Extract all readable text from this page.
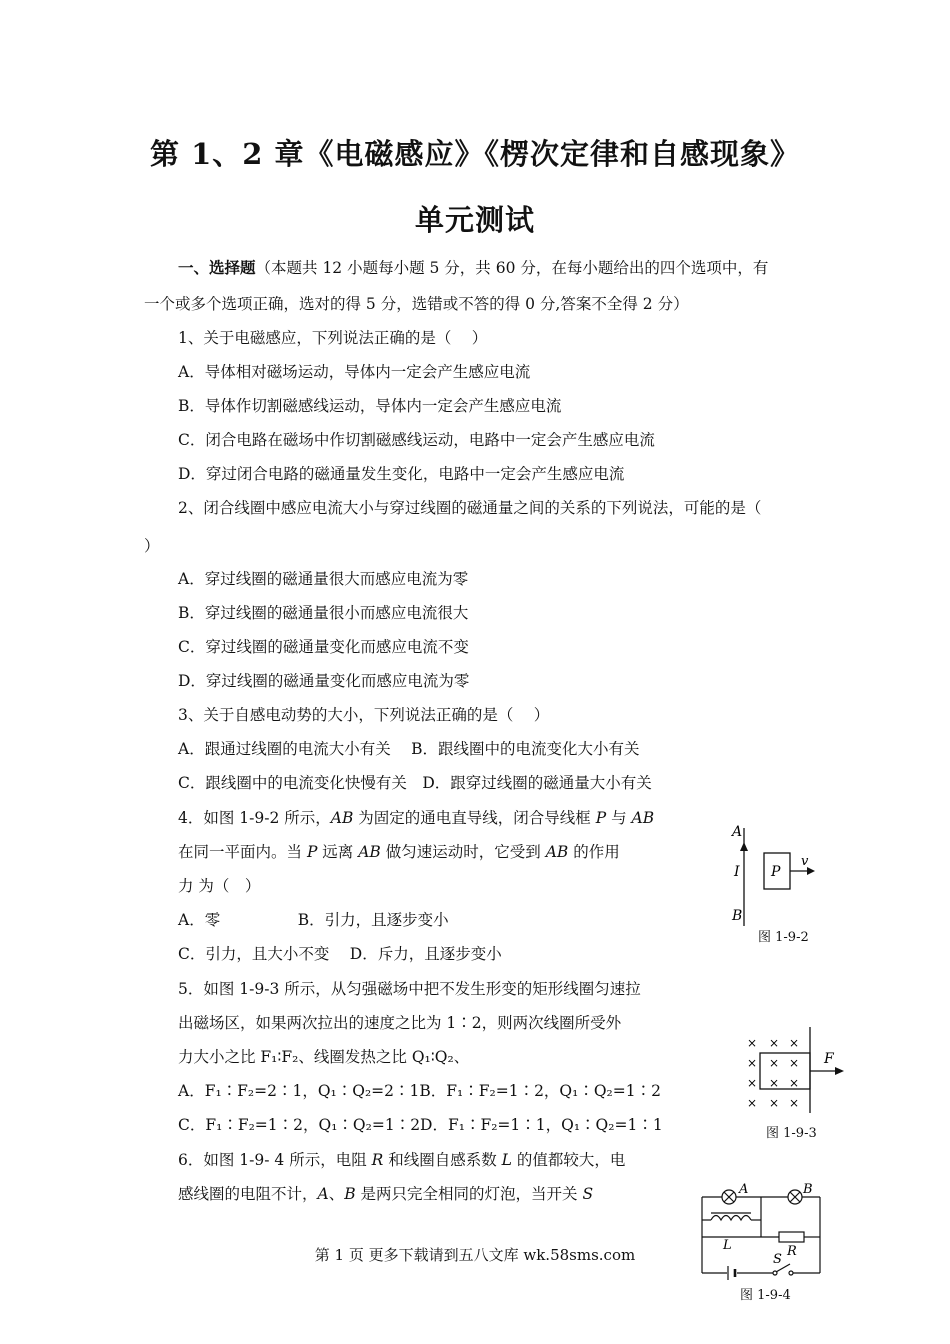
第 1、2 章《电磁感应》《楞次定律和自感现象》
单元测试
一、选择题（本题共 12 小题每小题 5 分，共 60 分，在每小题给出的四个选项中，有
一个或多个选项正确，选对的得 5 分，选错或不答的得 0 分,答案不全得 2 分）
1、关于电磁感应，下列说法正确的是（　 ）
A．导体相对磁场运动，导体内一定会产生感应电流
B．导体作切割磁感线运动，导体内一定会产生感应电流
C．闭合电路在磁场中作切割磁感线运动，电路中一定会产生感应电流
D．穿过闭合电路的磁通量发生变化，电路中一定会产生感应电流
2、闭合线圈中感应电流大小与穿过线圈的磁通量之间的关系的下列说法，可能的是（
）
A．穿过线圈的磁通量很大而感应电流为零
B．穿过线圈的磁通量很小而感应电流很大
C．穿过线圈的磁通量变化而感应电流不变
D．穿过线圈的磁通量变化而感应电流为零
3、关于自感电动势的大小，下列说法正确的是（　 ）
A．跟通过线圈的电流大小有关　 B．跟线圈中的电流变化大小有关
C．跟线圈中的电流变化快慢有关　D．跟穿过线圈的磁通量大小有关
4．如图 1-9-2 所示，AB 为固定的通电直导线，闭合导线框 P 与 AB
在同一平面内。当 P 远离 AB 做匀速运动时，它受到 AB 的作用
力 为（　）
A．零　　　　　B．引力，且逐步变小
C．引力，且大小不变　 D．斥力，且逐步变小
5．如图 1-9-3 所示，从匀强磁场中把不发生形变的矩形线圈匀速拉
出磁场区，如果两次拉出的速度之比为 1∶2，则两次线圈所受外
力大小之比 F₁∶F₂、线圈发热之比 Q₁∶Q₂、
A．F₁∶F₂=2∶1，Q₁∶Q₂=2∶1B．F₁∶F₂=1∶2，Q₁∶Q₂=1∶2
C．F₁∶F₂=1∶2，Q₁∶Q₂=1∶2D．F₁∶F₂=1∶1，Q₁∶Q₂=1∶1
6．如图 1-9- 4 所示，电阻 R 和线圈自感系数 L 的值都较大，电
感线圈的电阻不计，A、B 是两只完全相同的灯泡，当开关 S
A
I
B
P
v
图 1-9-2
× × ×
× × ×
× × ×
× × ×
F
图 1-9-3
A	B
L	R
S
图 1-9-4
第 1 页 更多下载请到五八文库 wk.58sms.com
